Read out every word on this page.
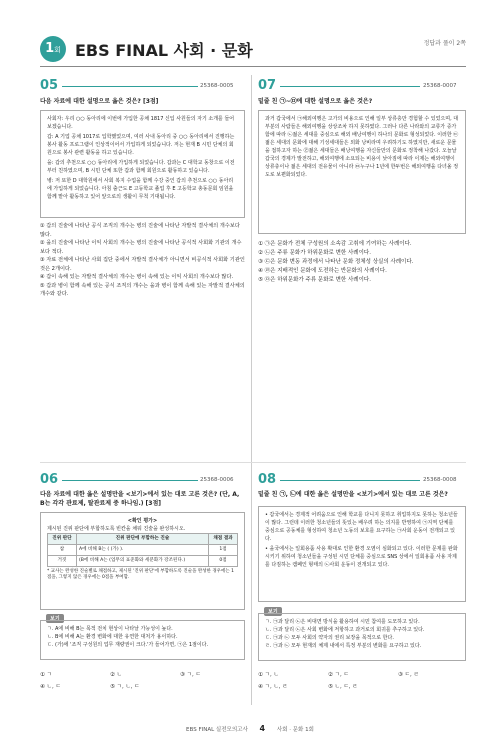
1회 EBS FINAL 사회 · 문화	정답과 풀이 2쪽
05	25368-0005
다음 자료에 대한 설명으로 옳은 것은? [3점]

사회자: 우리 ○○ 동아리에 이번에 가입한 공채 1817 신입 사원들의 자기 소개를 들어보겠습니다.

갑: A 기업 공채 1017로 입학했었으며, 여러 사내 동아리 중 ○○ 동아리에서 진행하는 봉사 활동 프로그램이 인상적이어서 가입하게 되었습니다. 저는 현재 B 시민 단체의 회원으로 봉사 관련 활동을 하고 있습니다.

을: 갑의 추천으로 ○○ 동아리에 가입하게 되었습니다. 갑과는 C 대학교 동창으로 이전부터 친하였으며, B 시민 단체 또한 갑과 함께 회원으로 활동하고 있습니다.

병: 저 또한 D 대학원에서 사회 복지 수업을 함께 수강 중인 갑의 추천으로 ○○ 동아리에 가입하게 되었습니다. 아침 출근도 E 고등학교 졸업 후 E 고등학교 총동문회 임원을 함께 맡아 활동하고 있어 앞으로의 생활이 무척 기대됩니다.

① 갑의 진술에 나타난 공식 조직의 개수는 병의 진술에 나타난 자발적 결사체의 개수보다 많다.
② 을의 진술에 나타난 이익 사회의 개수는 병의 진술에 나타난 공식적 사회화 기관의 개수보다 적다.
③ 자료 전체에 나타난 사회 집단 중에서 자발적 결사체가 아니면서 비공식적 사회화 기관인 것은 2개이다.
④ 갑이 속해 있는 자발적 결사체의 개수는 병이 속해 있는 이익 사회의 개수보다 많다.
⑤ 갑과 병이 함께 속해 있는 공식 조직의 개수는 을과 병이 함께 속해 있는 자발적 결사체의 개수와 같다.
07	25368-0007
밑줄 친 ㉠~㉤에 대한 설명으로 옳은 것은?

과거 갑국에서 ㉠해외여행은 고가의 비용으로 인해 일부 상류층만 경험할 수 있었으며, 대부분의 사람들은 해외여행을 상상조차 하지 못하였다. 그러나 다른 나라와의 교류가 증가함에 따라 ㉡젊은 세대를 중심으로 해외 배낭여행이 하나의 문화로 형성되었다. 이러한 ㉢젊은 세대의 문화에 대해 기성세대들은 외화 낭비라며 우려하기도 하였지만, 새로운 문물을 접하고자 하는 ㉣젊은 세대들은 배낭여행을 자신들만의 문화로 정착해 나갔다. 오늘날 갑국의 경제가 발전하고, 해외여행에 소요되는 비용이 낮아짐에 따라 이제는 해외여행이 상류층이나 젊은 세대의 전유물이 아니라 ㉤누구나 1년에 한두번은 해외여행을 다녀올 정도로 보편화되었다.

① ㉠은 문화가 전체 구성원의 소속감 고취에 기여하는 사례이다.
② ㉡은 주류 문화가 하위문화로 변한 사례이다.
③ ㉢은 문화 변동 과정에서 나타난 문화 정체성 상실의 사례이다.
④ ㉣은 지배적인 문화에 도전하는 반문화의 사례이다.
⑤ ㉤은 하위문화가 주류 문화로 변한 사례이다.
06	25368-0006
다음 자료에 대한 옳은 설명만을 <보기>에서 있는 대로 고른 것은? (단, A, B는 각각 관료제, 탈관료제 중 하나임.) [3점]
<확인 평가>
제시된 진위 판단에 부합하도록 빈칸을 채워 진술을 완성하시오.
진위 판단	진위 판단에 부합하는 진술	채점 결과
참	A에 비해 B는 ( (가) ).	1점
거짓	(B에 비해 A는 (업무의 표준화와 세분화가 강조된다.)	0점
* 교사는 완성한 진술별로 채점하고, 제시된 '진위 판단'에 부합하도록 진술을 완성한 경우에는 1점을, 그렇지 않은 경우에는 0점을 부여함.
보기
ㄱ. A에 비해 B는 목적 전치 현상이 나타날 가능성이 높다.
ㄴ. B에 비해 A는 환경 변화에 대한 유연한 대처가 용이하다.
ㄷ. (가)에 '조직 구성원의 업무 재량권이 크다.'가 들어가면, ㉠은 1점이다.
① ㄱ	② ㄴ	③ ㄱ, ㄷ
④ ㄴ, ㄷ	⑤ ㄱ, ㄴ, ㄷ
08	25368-0008
밑줄 친 ㉠, ㉡에 대한 옳은 설명만을 <보기>에서 있는 대로 고른 것은?

• 갑국에서는 경제적 어려움으로 인해 학교를 다니지 못하고 취업하지도 못하는 청소년들이 많다. 그런데 이러한 청소년들의 뜻있는 배우려 하는 의지를 반영하여 ㉠지역 단체를 중심으로 공동체를 형성하여 청소년 노동의 보호를 요구하는 ㉠사회 운동이 전개되고 있다.

• 을국에서는 일회용품 사용 확대로 인한 환경 오염이 심화되고 있다. 이러한 문제를 완화시키기 위하여 청소년들을 구성된 시민 단체를 중심으로 SNS 상에서 일회용품 사용 자제를 다짐하는 캠페인 형태의 ㉡사회 운동이 전개되고 있다.

보기
ㄱ. ㉠과 달리 ㉡은 비대면 방식을 활용하여 시민 참여를 도모하고 있다.
ㄴ. ㉠과 달리 ㉡은 사회 변화에 저항하고 과거로의 회귀를 추구하고 있다.
ㄷ. ㉠과 ㉡ 모두 사회의 약자의 권리 보장을 목적으로 한다.
ㄹ. ㉠과 ㉡ 모두 현재의 체제 내에서 특정 부분의 변화를 요구하고 있다.
① ㄱ, ㄴ	② ㄱ, ㄷ	③ ㄷ, ㄹ
④ ㄱ, ㄴ, ㄹ	⑤ ㄴ, ㄷ, ㄹ
EBS FINAL 실전모의고사 4 사회 · 문화 1회
